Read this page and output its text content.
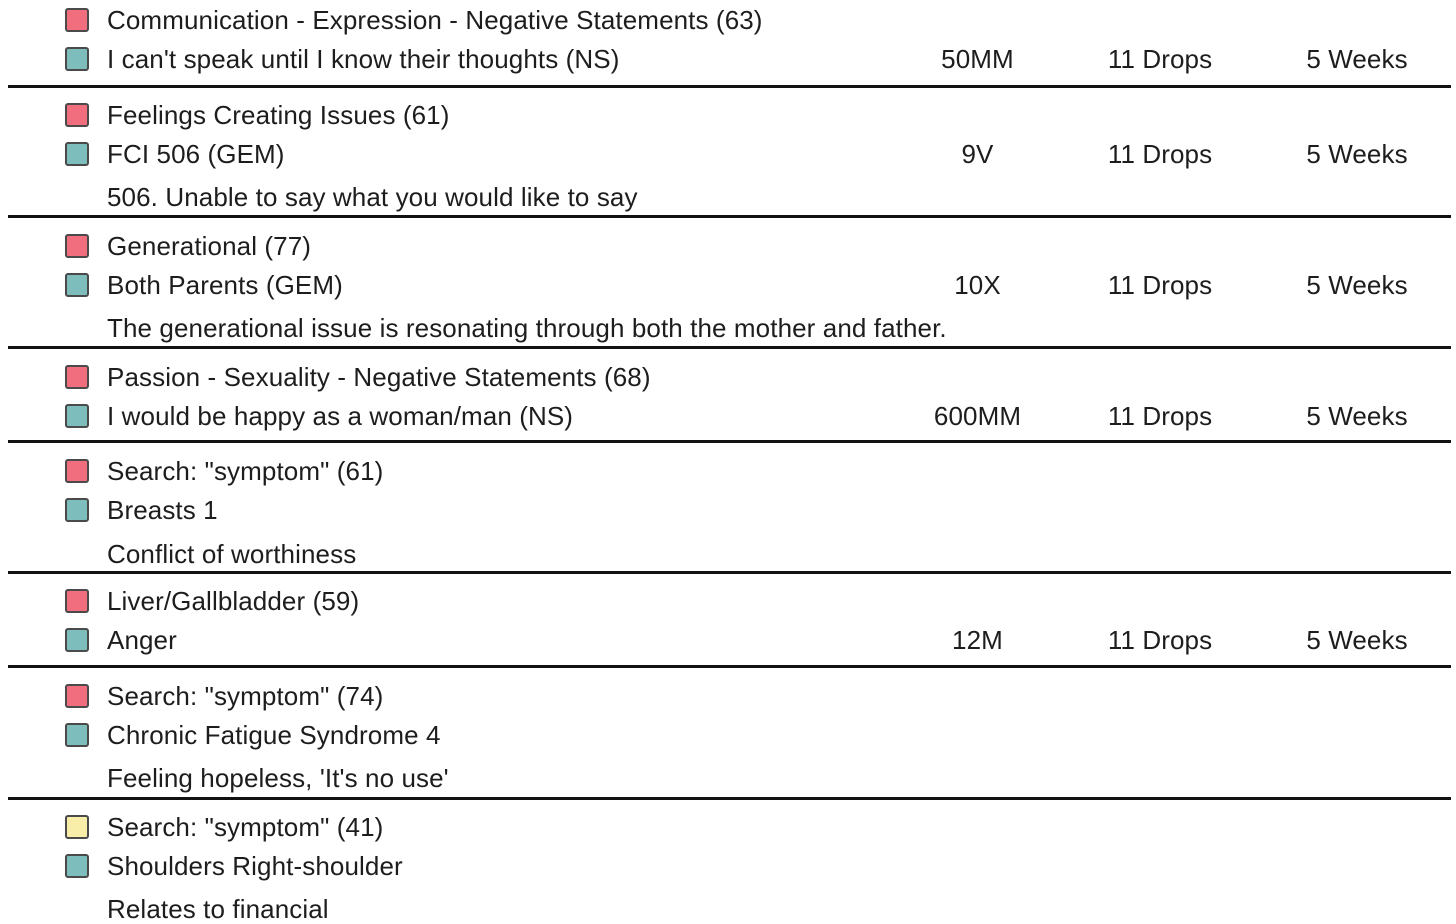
Communication - Expression - Negative Statements (63)
I can't speak until I know their thoughts (NS)	50MM	11 Drops	5 Weeks
Feelings Creating Issues (61)
FCI 506 (GEM)	9V	11 Drops	5 Weeks
506. Unable to say what you would like to say
Generational (77)
Both Parents (GEM)	10X	11 Drops	5 Weeks
The generational issue is resonating through both the mother and father.
Passion - Sexuality - Negative Statements (68)
I would be happy as a woman/man (NS)	600MM	11 Drops	5 Weeks
Search: "symptom" (61)
Breasts 1
Conflict of worthiness
Liver/Gallbladder (59)
Anger	12M	11 Drops	5 Weeks
Search: "symptom" (74)
Chronic Fatigue Syndrome 4
Feeling hopeless, 'It's no use'
Search: "symptom" (41)
Shoulders Right-shoulder
Relates to financial
